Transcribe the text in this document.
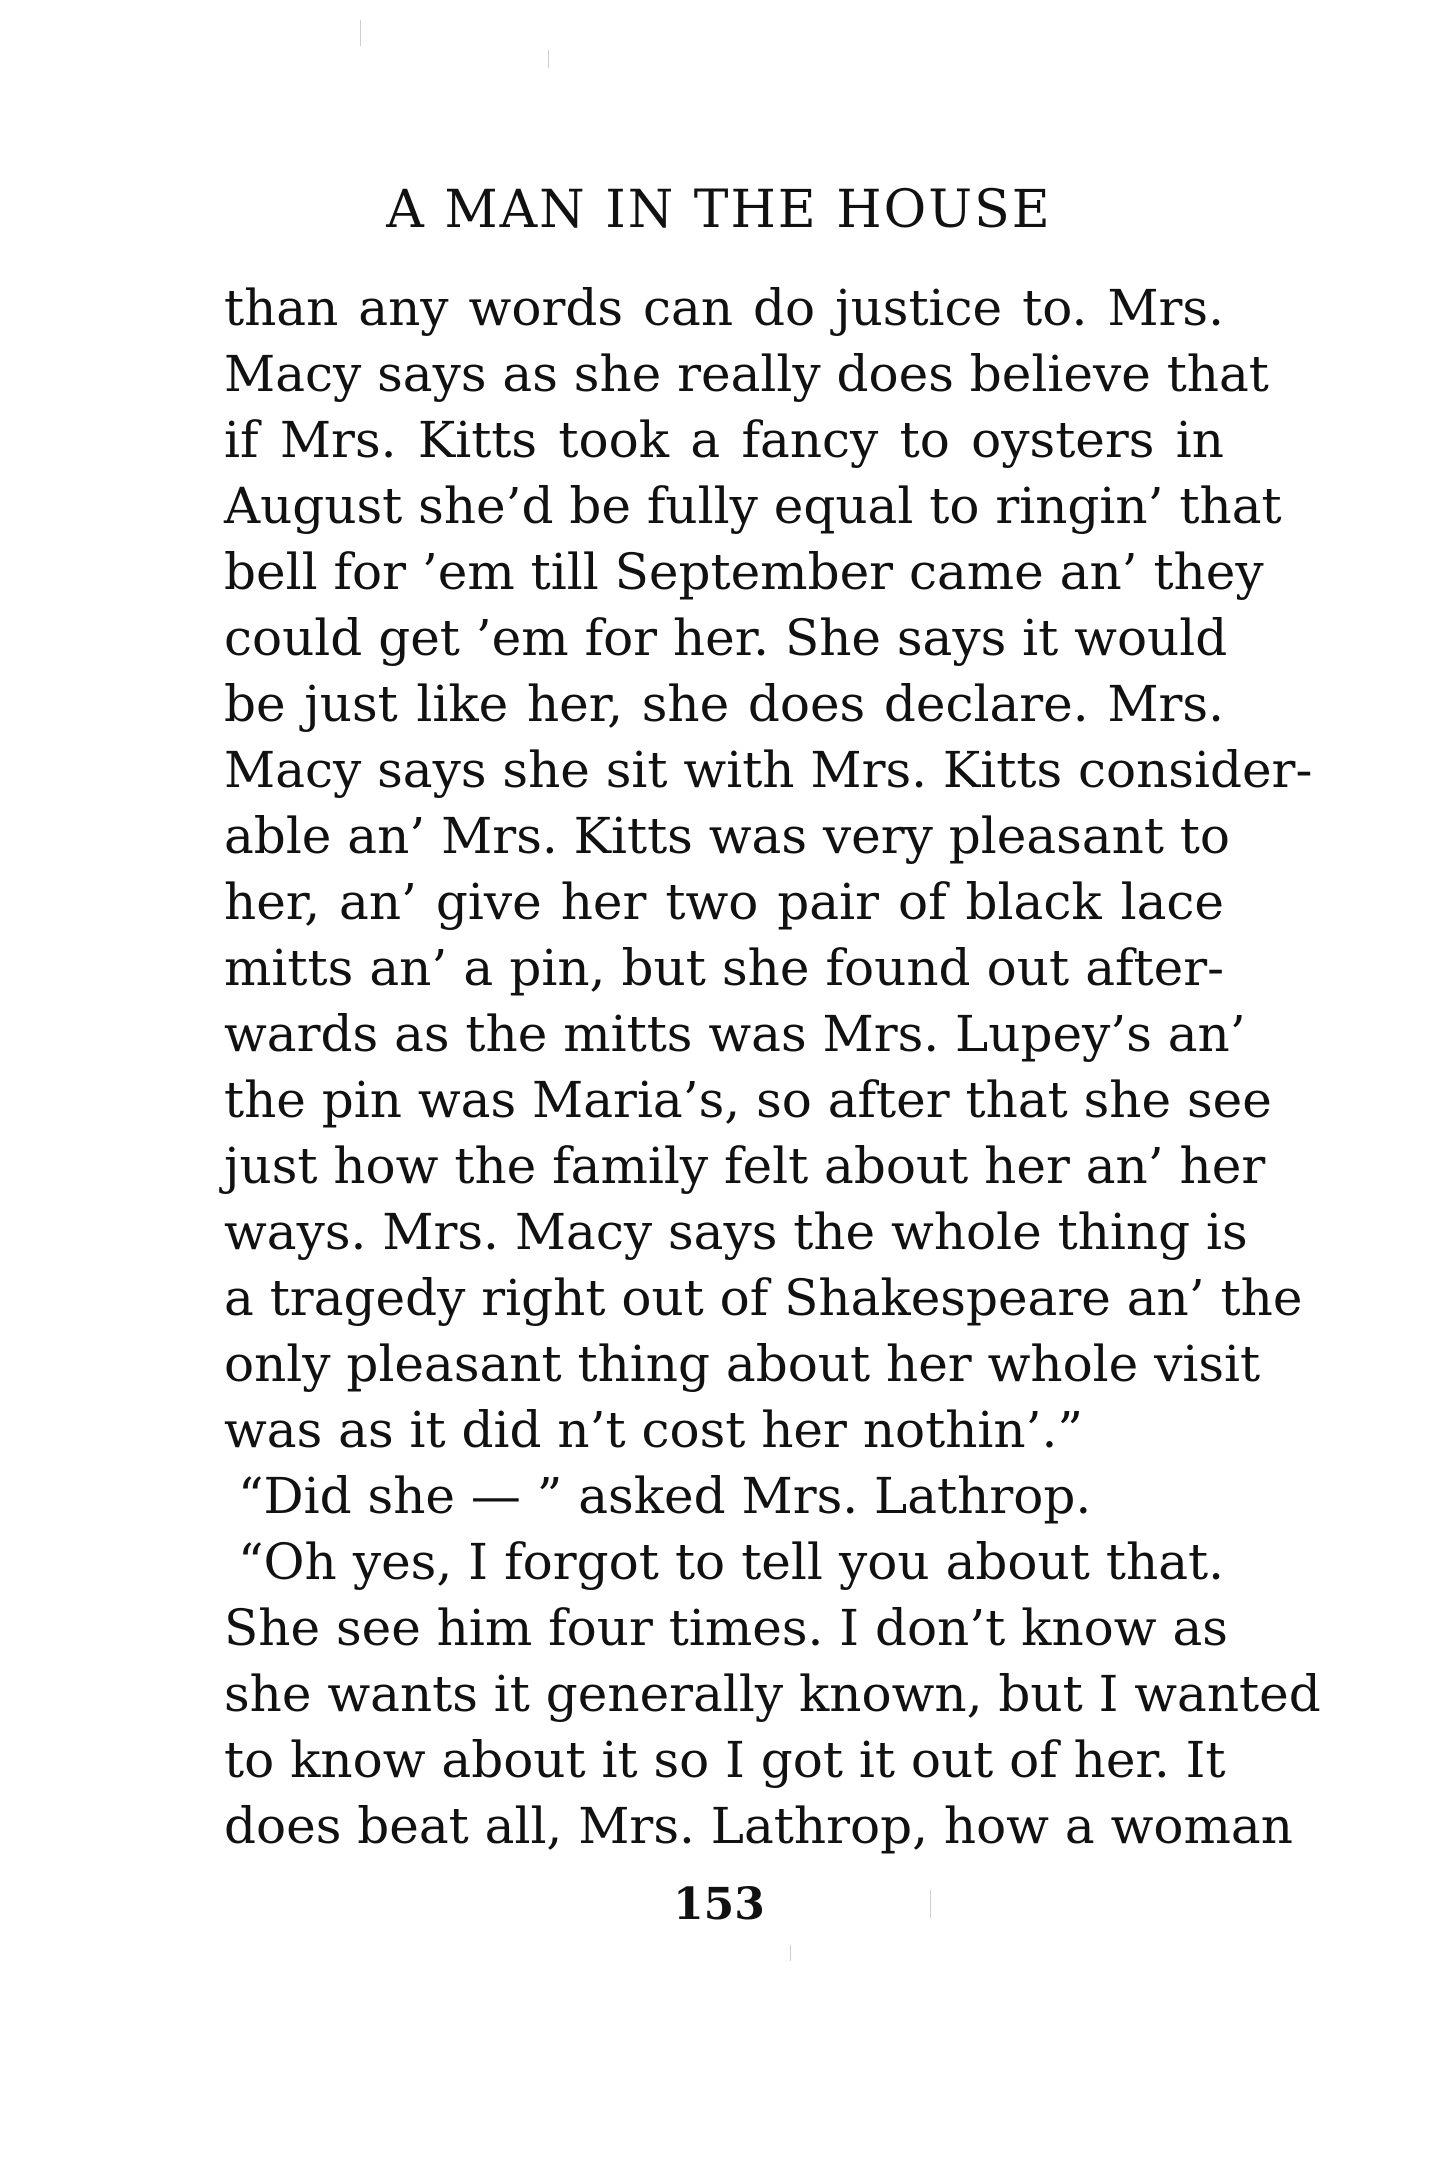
A MAN IN THE HOUSE
than any words can do justice to. Mrs.
Macy says as she really does believe that
if Mrs. Kitts took a fancy to oysters in
August she’d be fully equal to ringin’ that
bell for ’em till September came an’ they
could get ’em for her. She says it would
be just like her, she does declare. Mrs.
Macy says she sit with Mrs. Kitts consider-
able an’ Mrs. Kitts was very pleasant to
her, an’ give her two pair of black lace
mitts an’ a pin, but she found out after-
wards as the mitts was Mrs. Lupey’s an’
the pin was Maria’s, so after that she see
just how the family felt about her an’ her
ways. Mrs. Macy says the whole thing is
a tragedy right out of Shakespeare an’ the
only pleasant thing about her whole visit
was as it did n’t cost her nothin’.”
“Did she — ” asked Mrs. Lathrop.
“Oh yes, I forgot to tell you about that.
She see him four times. I don’t know as
she wants it generally known, but I wanted
to know about it so I got it out of her. It
does beat all, Mrs. Lathrop, how a woman
153
